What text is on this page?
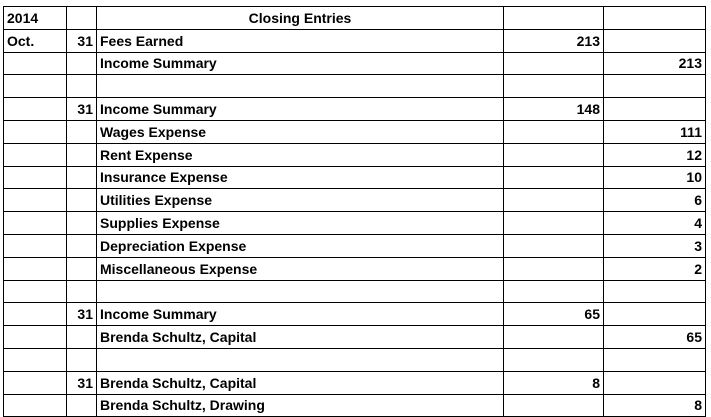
2014		Closing Entries		
Oct.	31	Fees Earned	213	
		Income Summary		213

	31	Income Summary	148	
		Wages Expense		111
		Rent Expense		12
		Insurance Expense		10
		Utilities Expense		6
		Supplies Expense		4
		Depreciation Expense		3
		Miscellaneous Expense		2

	31	Income Summary	65	
		Brenda Schultz, Capital		65

	31	Brenda Schultz, Capital	8	
		Brenda Schultz, Drawing		8
